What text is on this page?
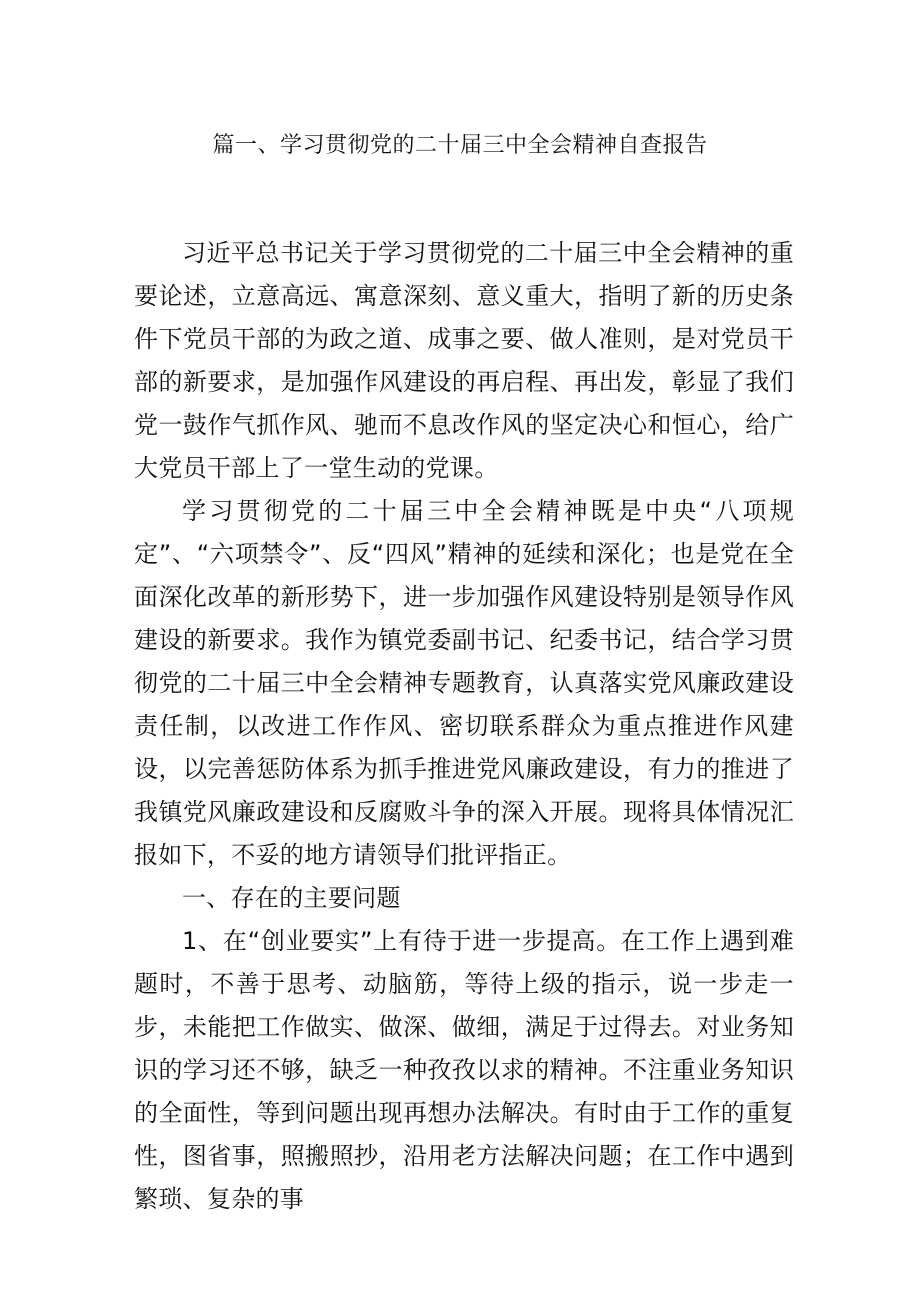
篇一、学习贯彻党的二十届三中全会精神自查报告

习近平总书记关于学习贯彻党的二十届三中全会精神的重要论述，立意高远、寓意深刻、意义重大，指明了新的历史条件下党员干部的为政之道、成事之要、做人准则，是对党员干部的新要求，是加强作风建设的再启程、再出发，彰显了我们党一鼓作气抓作风、驰而不息改作风的坚定决心和恒心，给广大党员干部上了一堂生动的党课。

学习贯彻党的二十届三中全会精神既是中央“八项规定”、“六项禁令”、反“四风”精神的延续和深化；也是党在全面深化改革的新形势下，进一步加强作风建设特别是领导作风建设的新要求。我作为镇党委副书记、纪委书记，结合学习贯彻党的二十届三中全会精神专题教育，认真落实党风廉政建设责任制，以改进工作作风、密切联系群众为重点推进作风建设，以完善惩防体系为抓手推进党风廉政建设，有力的推进了我镇党风廉政建设和反腐败斗争的深入开展。现将具体情况汇报如下，不妥的地方请领导们批评指正。

一、存在的主要问题

1、在“创业要实”上有待于进一步提高。在工作上遇到难题时，不善于思考、动脑筋，等待上级的指示，说一步走一步，未能把工作做实、做深、做细，满足于过得去。对业务知识的学习还不够，缺乏一种孜孜以求的精神。不注重业务知识的全面性，等到问题出现再想办法解决。有时由于工作的重复性，图省事，照搬照抄，沿用老方法解决问题；在工作中遇到繁琐、复杂的事
